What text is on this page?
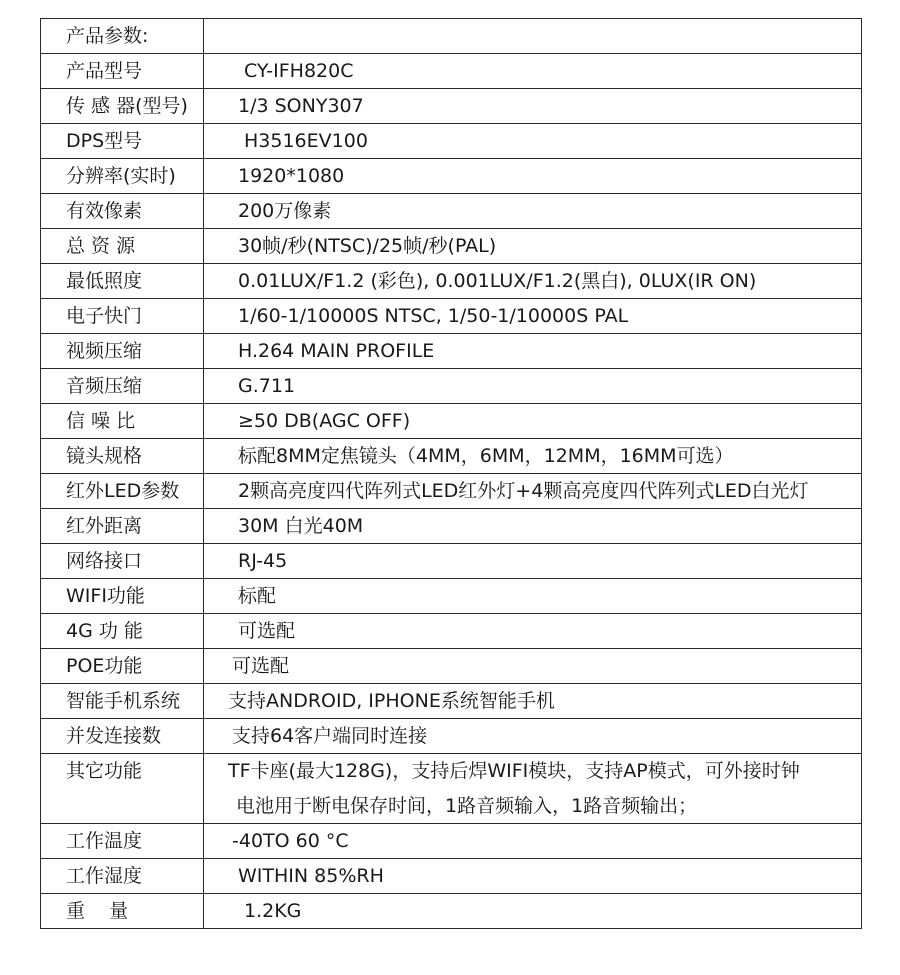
产品参数:	
产品型号	CY-IFH820C
传 感 器(型号)	1/3 SONY307
DPS型号	H3516EV100
分辨率(实时)	1920*1080
有效像素	200万像素
总 资 源	30帧/秒(NTSC)/25帧/秒(PAL)
最低照度	0.01LUX/F1.2 (彩色), 0.001LUX/F1.2(黑白), 0LUX(IR ON)
电子快门	1/60-1/10000S NTSC, 1/50-1/10000S PAL
视频压缩	H.264 MAIN PROFILE
音频压缩	G.711
信 噪 比	≥50 DB(AGC OFF)
镜头规格	标配8MM定焦镜头（4MM，6MM，12MM，16MM可选）
红外LED参数	2颗高亮度四代阵列式LED红外灯+4颗高亮度四代阵列式LED白光灯
红外距离	30M 白光40M
网络接口	RJ-45
WIFI功能	标配
4G 功 能	可选配
POE功能	可选配
智能手机系统	支持ANDROID, IPHONE系统智能手机
并发连接数	支持64客户端同时连接
其它功能	TF卡座(最大128G)，支持后焊WIFI模块，支持AP模式，可外接时钟
电池用于断电保存时间，1路音频输入，1路音频输出；

工作温度	-40TO 60 °C
工作湿度	WITHIN 85%RH
重    量	1.2KG
